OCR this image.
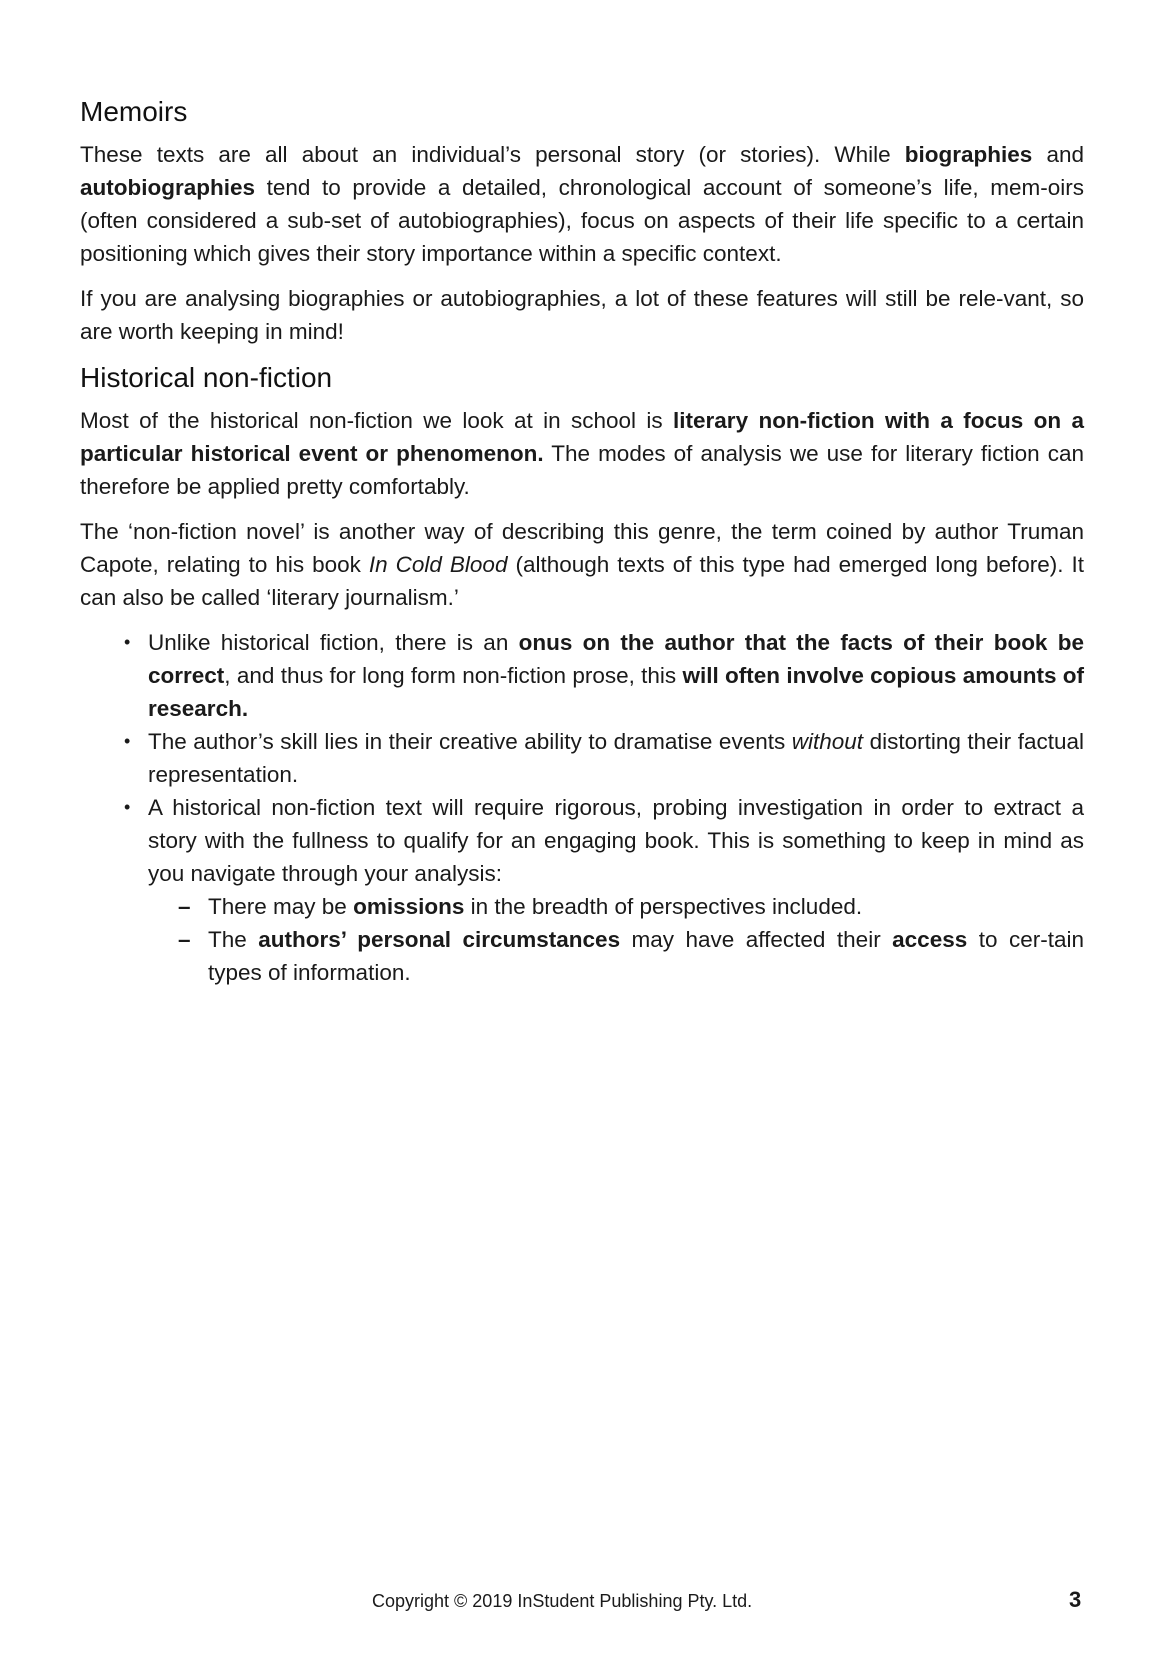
Memoirs

These texts are all about an individual’s personal story (or stories). While biographies and autobiographies tend to provide a detailed, chronological account of someone’s life, mem-oirs (often considered a sub-set of autobiographies), focus on aspects of their life specific to a certain positioning which gives their story importance within a specific context.

If you are analysing biographies or autobiographies, a lot of these features will still be rele-vant, so are worth keeping in mind!

Historical non-fiction

Most of the historical non-fiction we look at in school is literary non-fiction with a focus on a particular historical event or phenomenon. The modes of analysis we use for literary fiction can therefore be applied pretty comfortably.

The ‘non-fiction novel’ is another way of describing this genre, the term coined by author Truman Capote, relating to his book In Cold Blood (although texts of this type had emerged long before). It can also be called ‘literary journalism.’

• Unlike historical fiction, there is an onus on the author that the facts of their book be correct, and thus for long form non-fiction prose, this will often involve copious amounts of research.
• The author’s skill lies in their creative ability to dramatise events without distorting their factual representation.
• A historical non-fiction text will require rigorous, probing investigation in order to extract a story with the fullness to qualify for an engaging book. This is something to keep in mind as you navigate through your analysis:
– There may be omissions in the breadth of perspectives included.
– The authors’ personal circumstances may have affected their access to cer-tain types of information.
Copyright © 2019 InStudent Publishing Pty. Ltd.	3
